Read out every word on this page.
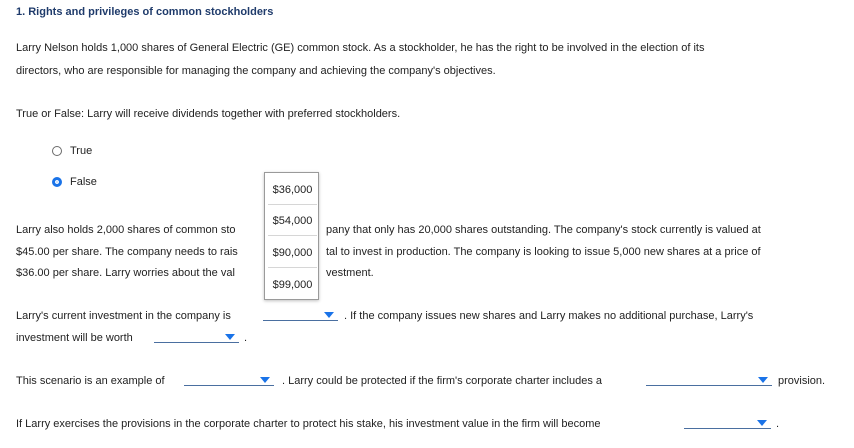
1. Rights and privileges of common stockholders
Larry Nelson holds 1,000 shares of General Electric (GE) common stock. As a stockholder, he has the right to be involved in the election of its
directors, who are responsible for managing the company and achieving the company's objectives.
True or False: Larry will receive dividends together with preferred stockholders.
True
False
Larry also holds 2,000 shares of common sto	pany that only has 20,000 shares outstanding. The company's stock currently is valued at
$45.00 per share. The company needs to rais	tal to invest in production. The company is looking to issue 5,000 new shares at a price of
$36.00 per share. Larry worries about the val	vestment.
Larry's current investment in the company is	. If the company issues new shares and Larry makes no additional purchase, Larry's
investment will be worth	.
This scenario is an example of	. Larry could be protected if the firm's corporate charter includes a	provision.
If Larry exercises the provisions in the corporate charter to protect his stake, his investment value in the firm will become	.
$36,000
$54,000
$90,000
$99,000
